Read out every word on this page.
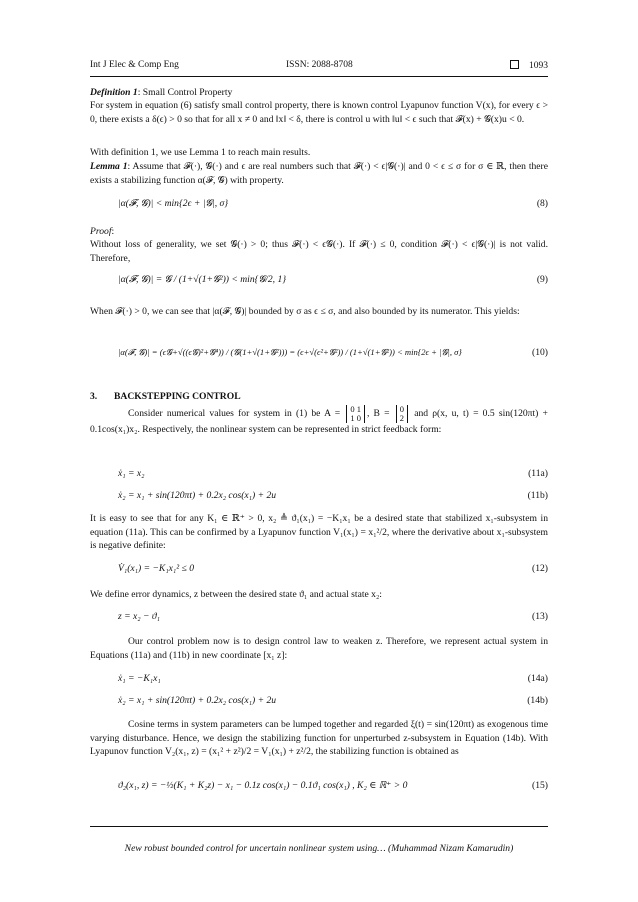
Int J Elec & Comp Eng	ISSN: 2088-8708	1093
Definition 1: Small Control Property
For system in equation (6) satisfy small control property, there is known control Lyapunov function V(x), for every ϵ > 0, there exists a δ(ϵ) > 0 so that for all x ≠ 0 and ‖x‖ < δ, there is control u with ‖u‖ < ϵ such that 𝓕(x) + 𝓖(x)u < 0.
With definition 1, we use Lemma 1 to reach main results.
Lemma 1: Assume that 𝓕(·), 𝓖(·) and ϵ are real numbers such that 𝓕(·) < ϵ|𝓖(·)| and 0 < ϵ ≤ σ for σ ∈ ℝ, then there exists a stabilizing function α(𝓕, 𝓖) with property.
|α(𝓕, 𝓖)| < min{2ϵ + |𝓖|, σ}	(8)
Proof:
Without loss of generality, we set 𝓖(·) > 0; thus 𝓕(·) < ϵ𝓖(·). If 𝓕(·) ≤ 0, condition 𝓕(·) < ϵ|𝓖(·)| is not valid. Therefore,
|α(𝓕, 𝓖)| = 𝓖 / (1+√(1+𝓖²)) < min{𝓖/2, 1}	(9)
When 𝓕(·) > 0, we can see that |α(𝓕, 𝓖)| bounded by σ as ϵ ≤ σ, and also bounded by its numerator. This yields:
|α(𝓕, 𝓖)| = (ϵ𝓖+√((ϵ𝓖)²+𝓖⁴)) / (𝓖(1+√(1+𝓖²))) = (ϵ+√(ϵ²+𝓖²)) / (1+√(1+𝓖²)) < min{2ϵ + |𝓖|, σ}	(10)
3. BACKSTEPPING CONTROL
Consider numerical values for system in (1) be A = 0 1
1 0 , B = 0
2 and ρ(x, u, t) = 0.5 sin(120πt) + 0.1cos(x₁)x₂. Respectively, the nonlinear system can be represented in strict feedback form:
ẋ₁ = x₂	(11a)
ẋ₂ = x₁ + sin(120πt) + 0.2x₂ cos(x₁) + 2u	(11b)
It is easy to see that for any K₁ ∈ ℝ⁺ > 0, x₂ ≜ ϑ₁(x₁) = −K₁x₁ be a desired state that stabilized x₁-subsystem in equation (11a). This can be confirmed by a Lyapunov function V₁(x₁) = x₁²/2, where the derivative about x₁-subsystem is negative definite:
V̇₁(x₁) = −K₁x₁² ≤ 0	(12)
We define error dynamics, z between the desired state ϑ₁ and actual state x₂:
z = x₂ − ϑ₁	(13)
Our control problem now is to design control law to weaken z. Therefore, we represent actual system in Equations (11a) and (11b) in new coordinate [x₁ z]:
ẋ₁ = −K₁x₁	(14a)
ẋ₂ = x₁ + sin(120πt) + 0.2x₂ cos(x₁) + 2u	(14b)
Cosine terms in system parameters can be lumped together and regarded ξ(t) = sin(120πt) as exogenous time varying disturbance. Hence, we design the stabilizing function for unperturbed z-subsystem in Equation (14b). With Lyapunov function V₂(x₁, z) = (x₁² + z²)/2 = V₁(x₁) + z²/2, the stabilizing function is obtained as
ϑ₂(x₁, z) = −½(K₁ + K₂z) − x₁ − 0.1z cos(x₁) − 0.1ϑ₁ cos(x₁) , K₂ ∈ ℝ⁺ > 0	(15)
New robust bounded control for uncertain nonlinear system using… (Muhammad Nizam Kamarudin)
